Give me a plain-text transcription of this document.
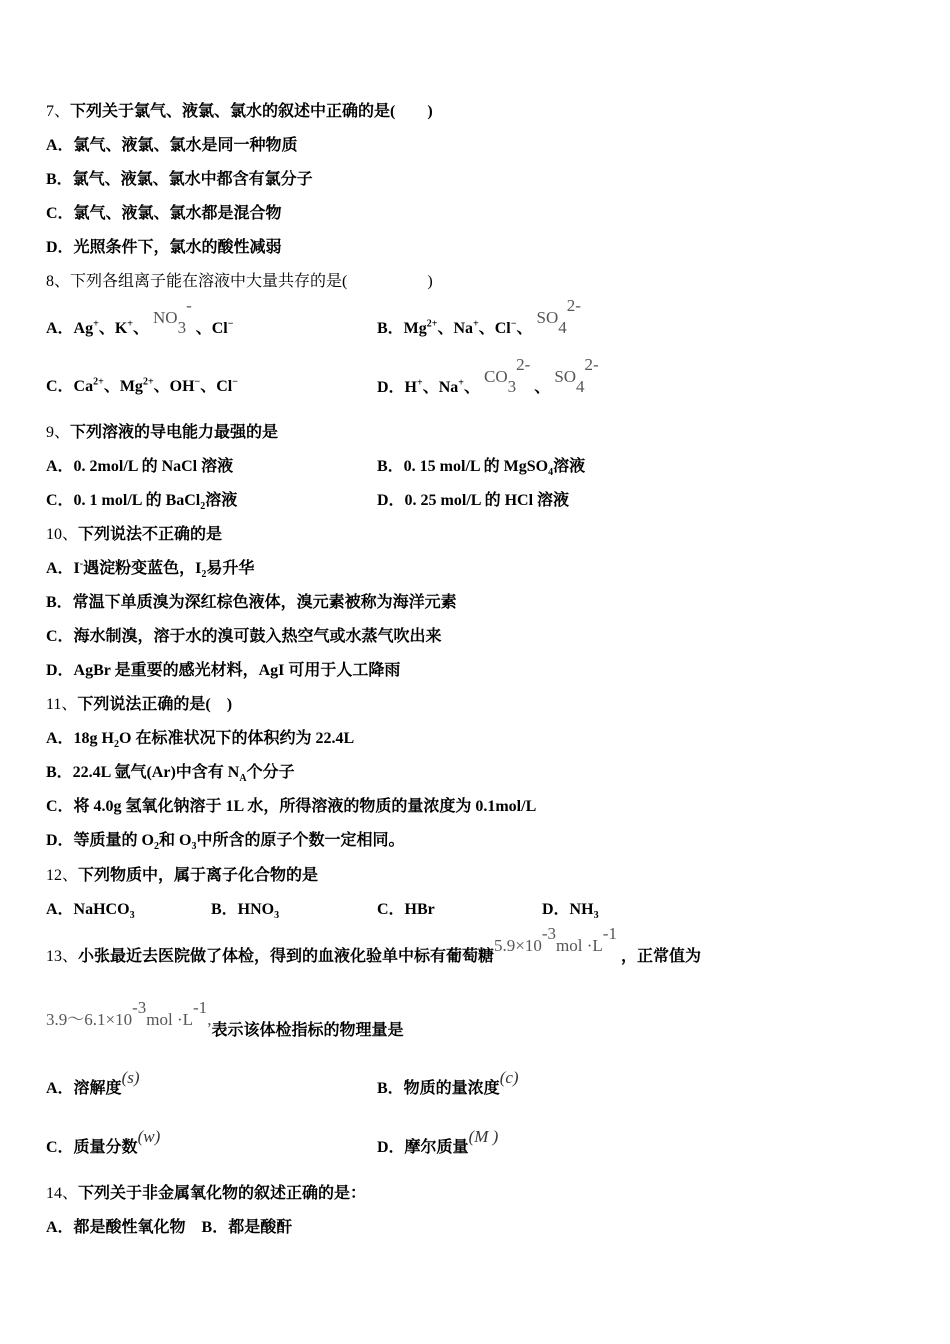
7、下列关于氯气、液氯、氯水的叙述中正确的是(　　)
A．氯气、液氯、氯水是同一种物质
B．氯气、液氯、氯水中都含有氯分子
C．氯气、液氯、氯水都是混合物
D．光照条件下，氯水的酸性减弱
8、下列各组离子能在溶液中大量共存的是(　　　　　)
A．Ag+、K+、 $NO_3^-$ 、Cl−	B．$Mg^{2+}$、Na+、Cl−、 $SO_4^{2-}$
C．$Ca^{2+}$、$Mg^{2+}$、OH−、Cl−	D．H+、Na+、 $CO_3^{2-}$ 、 $SO_4^{2-}$
9、下列溶液的导电能力最强的是
A．0. 2mol/L 的 NaCl 溶液	B．0. 15 mol/L 的 MgSO$_4$溶液
C．0. 1 mol/L 的 BaCl$_2$溶液	D．0. 25 mol/L 的 HCl 溶液
10、下列说法不正确的是
A．I-遇淀粉变蓝色，$I_2$易升华
B．常温下单质溴为深红棕色液体，溴元素被称为海洋元素
C．海水制溴，溶于水的溴可鼓入热空气或水蒸气吹出来
D．AgBr 是重要的感光材料，AgI 可用于人工降雨
11、下列说法正确的是(　)
A．18g $H_2O$ 在标准状况下的体积约为 22.4L
B．22.4L 氩气(Ar)中含有 $N_A$个分子
C．将 4.0g 氢氧化钠溶于 1L 水，所得溶液的物质的量浓度为 0.1mol/L
D．等质量的 $O_2$和 $O_3$中所含的原子个数一定相同。
12、下列物质中，属于离子化合物的是
A．NaHCO$_3$	B．$HNO_3$	C．HBr	D．$NH_3$
13、小张最近去医院做了体检，得到的血液化验单中标有葡萄糖$5.9\times 10^{-3}mol \cdot L^{-1}$ ，正常值为
$3.9\sim 6.1\times 10^{-3}mol \cdot L^{-1}$,表示该体检指标的物理量是
A．溶解度(s)
B．物质的量浓度(c)
C．质量分数(w)
D．摩尔质量(M )
14、下列关于非金属氧化物的叙述正确的是：
A．都是酸性氧化物　B．都是酸酐
